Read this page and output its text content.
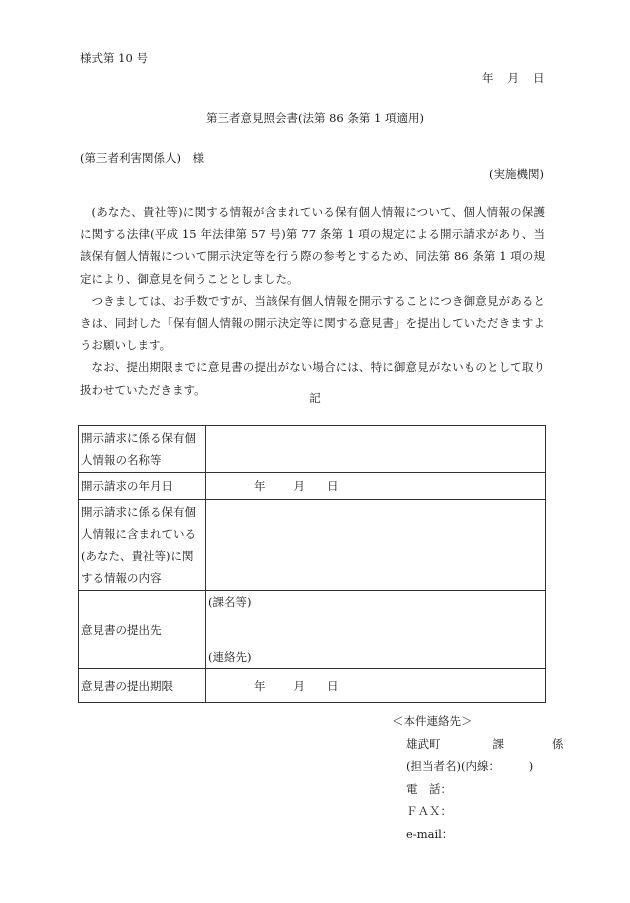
様式第 10 号
年 月 日
第三者意見照会書(法第 86 条第 1 項適用)
(第三者利害関係人)　様
(実施機関)

(あなた、貴社等)に関する情報が含まれている保有個人情報について、個人情報の保護に関する法律(平成 15 年法律第 57 号)第 77 条第 1 項の規定による開示請求があり、当該保有個人情報について開示決定等を行う際の参考とするため、同法第 86 条第 1 項の規定により、御意見を伺うこととしました。

つきましては、お手数ですが、当該保有個人情報を開示することにつき御意見があるときは、同封した「保有個人情報の開示決定等に関する意見書」を提出していただきますようお願いします。

なお、提出期限までに意見書の提出がない場合には、特に御意見がないものとして取り扱わせていただきます。

記
開示請求に係る保有個人情報の名称等	
開示請求の年月日	年 月 日
開示請求に係る保有個人情報に含まれている(あなた、貴社等)に関する情報の内容	
意見書の提出先	(課名等)
(連絡先)

意見書の提出期限	年 月 日
＜本件連絡先＞
雄武町	課	係
(担当者名)(内線：　　　)
電　話：
ＦＡＸ：
e-mail：
